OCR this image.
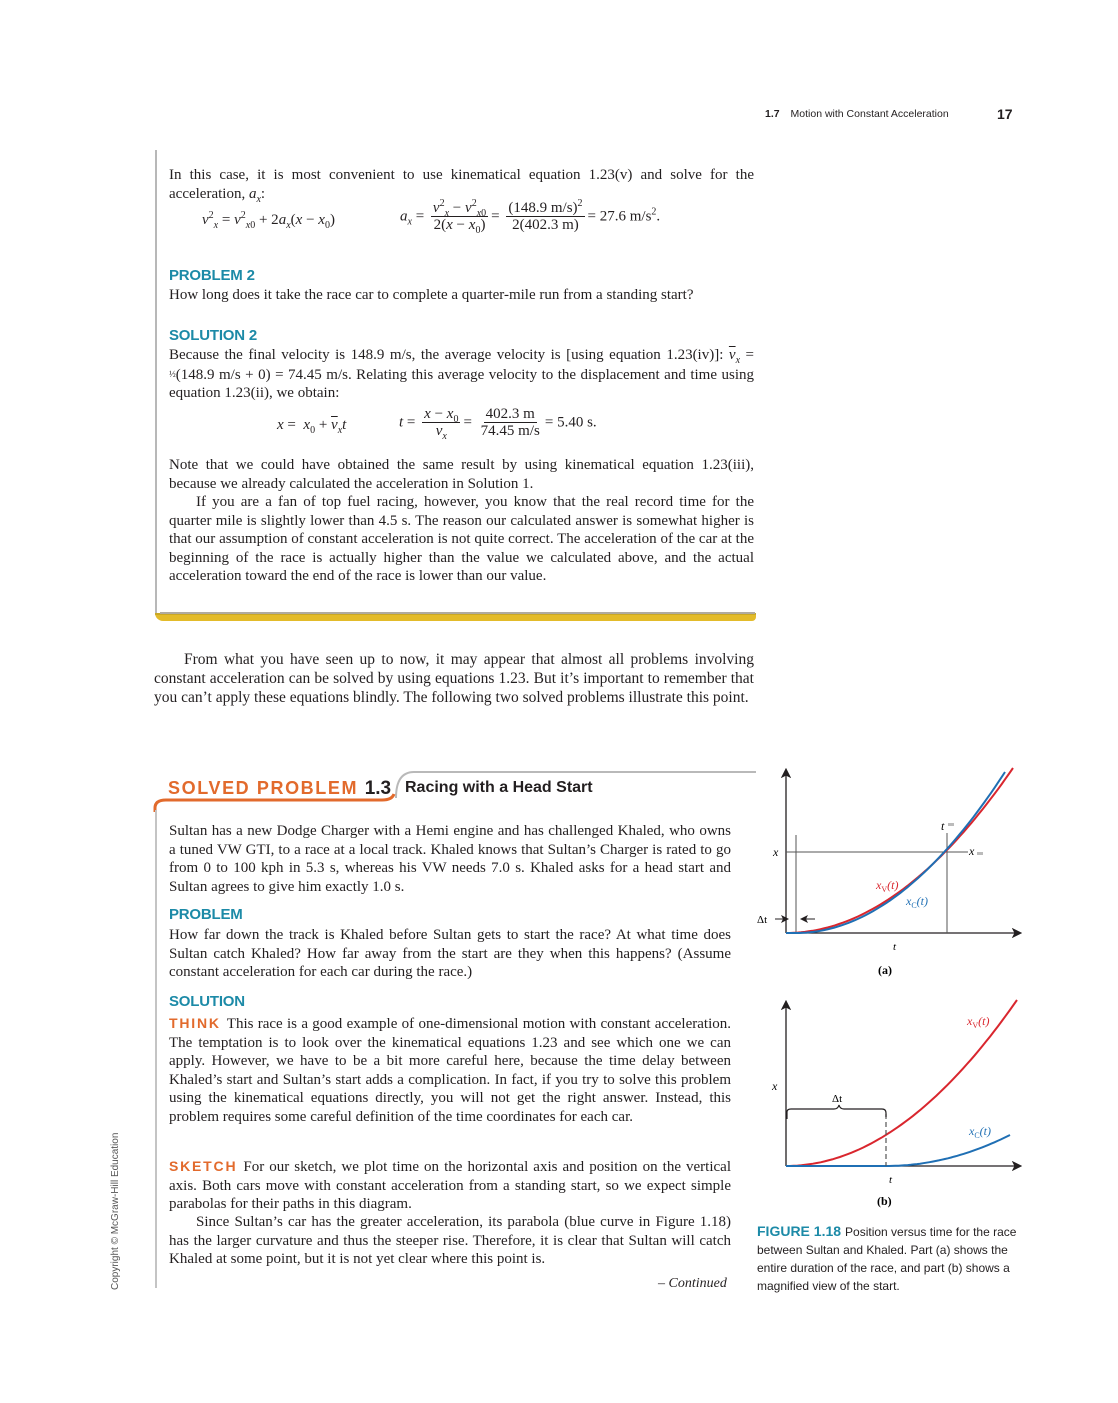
1.7 Motion with Constant Acceleration	17
In this case, it is most convenient to use kinematical equation 1.23(v) and solve for the acceleration, $a_x$:
$v^2_x = v^2_{x0} + 2a_x(x - x_0)$	$a_x = \frac{v^2_x - v^2_{x0}}{2(x - x_0)} = \frac{(148.9 m/s)^2}{2(402.3 m)} = 27.6$ $m/s^2$.
PROBLEM 2
How long does it take the race car to complete a quarter-mile run from a standing start?
SOLUTION 2
Because the final velocity is 148.9 m/s, the average velocity is [using equation 1.23(iv)]: $\overline{v}_x$ = ½(148.9 m/s + 0) = 74.45 m/s. Relating this average velocity to the displacement and time using equation 1.23(ii), we obtain:
$x = x_0 + \overline{v}_xt$	$t = \frac{x - x_0}{\overline{v}_x} = \frac{402.3 m}{74.45 m/s} = 5.40$ s.
Note that we could have obtained the same result by using kinematical equation 1.23(iii), because we already calculated the acceleration in Solution 1.
If you are a fan of top fuel racing, however, you know that the real record time for the quarter mile is slightly lower than 4.5 s. The reason our calculated answer is somewhat higher is that our assumption of constant acceleration is not quite correct. The acceleration of the car at the beginning of the race is actually higher than the value we calculated above, and the actual acceleration toward the end of the race is lower than our value.
From what you have seen up to now, it may appear that almost all problems involving constant acceleration can be solved by using equations 1.23. But it’s important to remember that you can’t apply these equations blindly. The following two solved problems illustrate this point.
SOLVED PROBLEM 1.3 Racing with a Head Start
Sultan has a new Dodge Charger with a Hemi engine and has challenged Khaled, who owns a tuned VW GTI, to a race at a local track. Khaled knows that Sultan’s Charger is rated to go from 0 to 100 kph in 5.3 s, whereas his VW needs 7.0 s. Khaled asks for a head start and Sultan agrees to give him exactly 1.0 s.
PROBLEM
How far down the track is Khaled before Sultan gets to start the race? At what time does Sultan catch Khaled? How far away from the start are they when this happens? (Assume constant acceleration for each car during the race.)
SOLUTION
THINK This race is a good example of one-dimensional motion with constant acceleration. The temptation is to look over the kinematical equations 1.23 and see which one we can apply. However, we have to be a bit more careful here, because the time delay between Khaled’s start and Sultan’s start adds a complication. In fact, if you try to solve this problem using the kinematical equations directly, you will not get the right answer. Instead, this problem requires some careful definition of the time coordinates for each car.
SKETCH For our sketch, we plot time on the horizontal axis and position on the vertical axis. Both cars move with constant acceleration from a standing start, so we expect simple parabolas for their paths in this diagram.
Since Sultan’s car has the greater acceleration, its parabola (blue curve in Figure 1.18) has the larger curvature and thus the steeper rise. Therefore, it is clear that Sultan will catch Khaled at some point, but it is not yet clear where this point is.
– Continued
Δt
x
t
t
x
$x_V(t)$
$x_C(t)$
(a)
Δt
x
t
$x_V(t)$
$x_C(t)$
(b)
FIGURE 1.18 Position versus time for the race between Sultan and Khaled. Part (a) shows the entire duration of the race, and part (b) shows a magnified view of the start.
Copyright © McGraw-Hill Education
